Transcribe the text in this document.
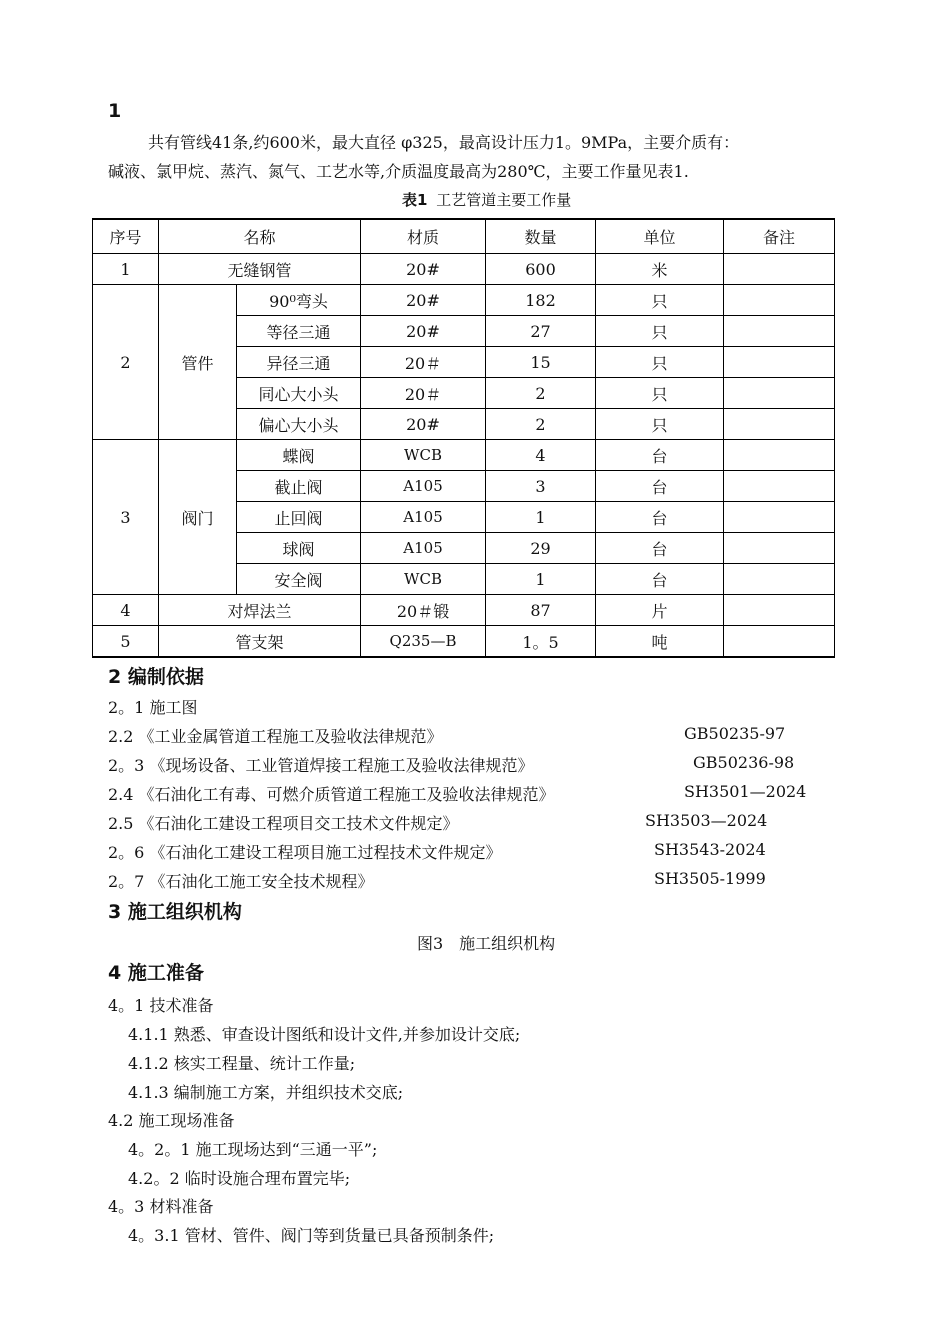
1
共有管线41条,约600米，最大直径 φ325，最高设计压力1。9MPa，主要介质有：
碱液、氯甲烷、蒸汽、氮气、工艺水等,介质温度最高为280℃，主要工作量见表1.
表1 工艺管道主要工作量
序号	名称		材质	数量	单位	备注
1	无缝钢管		20#	600	米	
2	管件	90⁰弯头	20#	182	只	
		等径三通	20#	27	只	
		异径三通	20＃	15	只	
		同心大小头	20＃	2	只	
		偏心大小头	20#	2	只	
3	阀门	蝶阀	WCB	4	台	
		截止阀	A105	3	台	
		止回阀	A105	1	台	
		球阀	A105	29	台	
		安全阀	WCB	1	台	
4	对焊法兰		20＃锻	87	片	
5	管支架		Q235—B	1。5	吨	
2 编制依据
2。1 施工图
2.2 《工业金属管道工程施工及验收法律规范》	GB50235-97
2。3 《现场设备、工业管道焊接工程施工及验收法律规范》	GB50236-98
2.4 《石油化工有毒、可燃介质管道工程施工及验收法律规范》	SH3501—2024
2.5 《石油化工建设工程项目交工技术文件规定》	SH3503—2024
2。6 《石油化工建设工程项目施工过程技术文件规定》	SH3543-2024
2。7 《石油化工施工安全技术规程》	SH3505-1999
3 施工组织机构
图3　施工组织机构
4 施工准备
4。1 技术准备
4.1.1 熟悉、审查设计图纸和设计文件,并参加设计交底;
4.1.2 核实工程量、统计工作量;
4.1.3 编制施工方案，并组织技术交底;
4.2 施工现场准备
4。2。1 施工现场达到“三通一平”;
4.2。2 临时设施合理布置完毕;
4。3 材料准备
4。3.1 管材、管件、阀门等到货量已具备预制条件;
